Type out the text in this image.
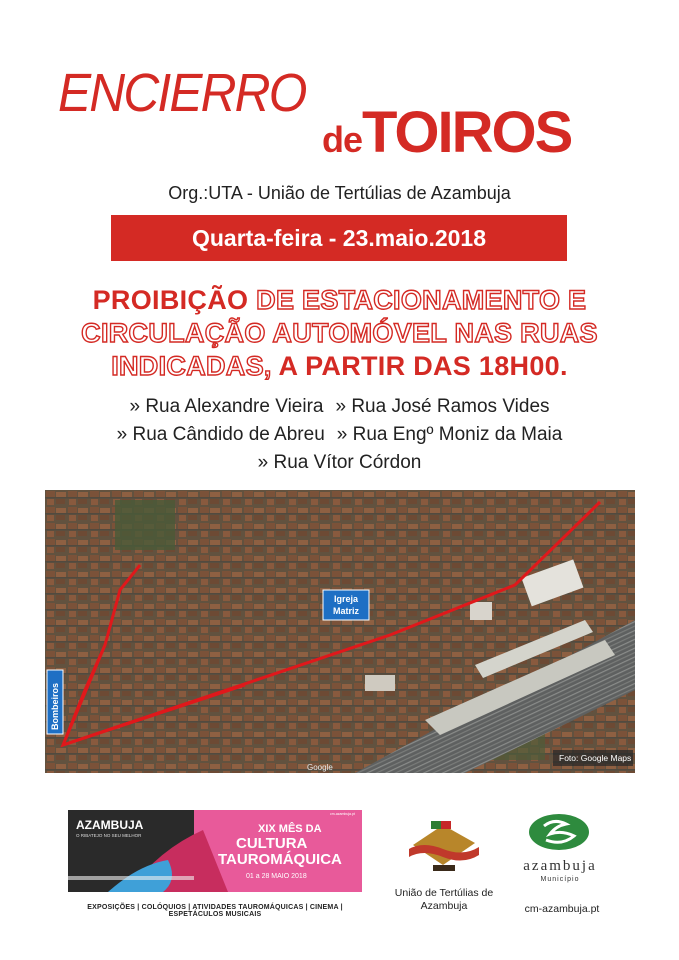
ENCIERRO
deTOIROS
Org.:UTA - União de Tertúlias de Azambuja
Quarta-feira - 23.maio.2018
PROIBIÇÃO DE ESTACIONAMENTO E
CIRCULAÇÃO AUTOMÓVEL NAS RUAS
INDICADAS, A PARTIR DAS 18H00.
» Rua Alexandre Vieira » Rua José Ramos Vides
» Rua Cândido de Abreu » Rua Engº Moniz da Maia
» Rua Vítor Córdon
Igreja
Matriz
Bombeiros
Google
Foto: Google Maps
AZAMBUJA
O RIBATEJO NO SEU MELHOR
cm-azambuja.pt
XIX MÊS DA
CULTURA
TAUROMÁQUICA
01 a 28 MAIO 2018
EXPOSIÇÕES | COLÓQUIOS | ATIVIDADES TAUROMÁQUICAS | CINEMA | ESPETÁCULOS MUSICAIS
União de Tertúlias de Azambuja
azambuja
Município
cm-azambuja.pt
